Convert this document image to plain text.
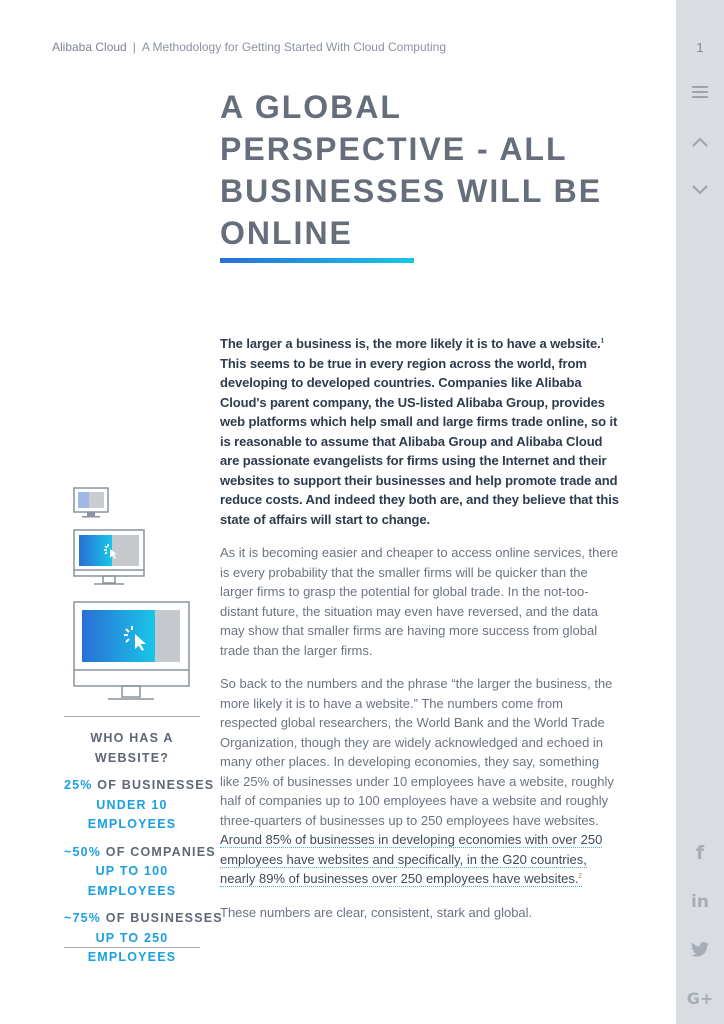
Alibaba Cloud | A Methodology for Getting Started With Cloud Computing	1
f
in
G+
A GLOBAL PERSPECTIVE - ALL BUSINESSES WILL BE ONLINE
WHO HAS A WEBSITE?
25% OF BUSINESSES
UNDER 10
EMPLOYEES
~50% OF COMPANIES
UP TO 100
EMPLOYEES
~75% OF BUSINESSES
UP TO 250
EMPLOYEES

The larger a business is, the more likely it is to have a website.$^1$ This seems to be true in every region across the world, from developing to developed countries. Companies like Alibaba Cloud's parent company, the US-listed Alibaba Group, provides web platforms which help small and large firms trade online, so it is reasonable to assume that Alibaba Group and Alibaba Cloud are passionate evangelists for firms using the Internet and their websites to support their businesses and help promote trade and reduce costs. And indeed they both are, and they believe that this state of affairs will start to change.

As it is becoming easier and cheaper to access online services, there is every probability that the smaller firms will be quicker than the larger firms to grasp the potential for global trade. In the not-too-distant future, the situation may even have reversed, and the data may show that smaller firms are having more success from global trade than the larger firms.

So back to the numbers and the phrase “the larger the business, the more likely it is to have a website.” The numbers come from respected global researchers, the World Bank and the World Trade Organization, though they are widely acknowledged and echoed in many other places. In developing economies, they say, something like 25% of businesses under 10 employees have a website, roughly half of companies up to 100 employees have a website and roughly three-quarters of businesses up to 250 employees have websites. Around 85% of businesses in developing economies with over 250 employees have websites and specifically, in the G20 countries, nearly 89% of businesses over 250 employees have websites.$^2$

These numbers are clear, consistent, stark and global.
